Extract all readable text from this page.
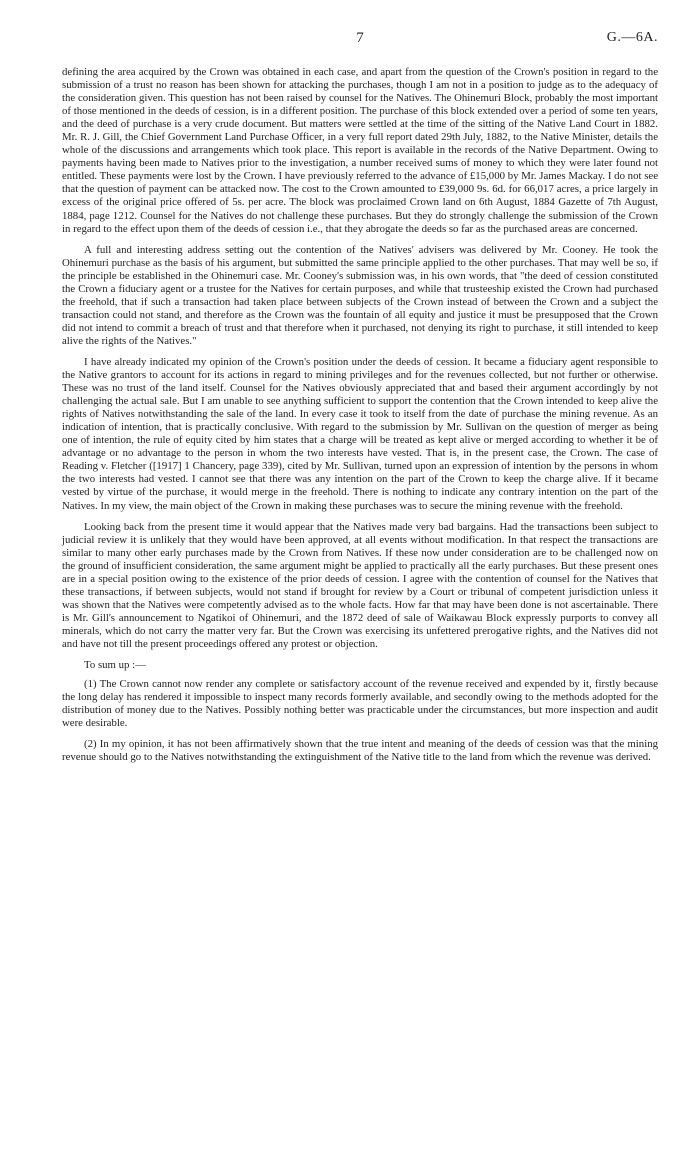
7	G.—6A.

defining the area acquired by the Crown was obtained in each case, and apart from the question of the Crown's position in regard to the submission of a trust no reason has been shown for attacking the purchases, though I am not in a position to judge as to the adequacy of the consideration given. This question has not been raised by counsel for the Natives. The Ohinemuri Block, probably the most important of those mentioned in the deeds of cession, is in a different position. The purchase of this block extended over a period of some ten years, and the deed of purchase is a very crude document. But matters were settled at the time of the sitting of the Native Land Court in 1882. Mr. R. J. Gill, the Chief Government Land Purchase Officer, in a very full report dated 29th July, 1882, to the Native Minister, details the whole of the discussions and arrangements which took place. This report is available in the records of the Native Department. Owing to payments having been made to Natives prior to the investigation, a number received sums of money to which they were later found not entitled. These payments were lost by the Crown. I have previously referred to the advance of £15,000 by Mr. James Mackay. I do not see that the question of payment can be attacked now. The cost to the Crown amounted to £39,000 9s. 6d. for 66,017 acres, a price largely in excess of the original price offered of 5s. per acre. The block was proclaimed Crown land on 6th August, 1884 Gazette of 7th August, 1884, page 1212. Counsel for the Natives do not challenge these purchases. But they do strongly challenge the submission of the Crown in regard to the effect upon them of the deeds of cession i.e., that they abrogate the deeds so far as the purchased areas are concerned.

A full and interesting address setting out the contention of the Natives' advisers was delivered by Mr. Cooney. He took the Ohinemuri purchase as the basis of his argument, but submitted the same principle applied to the other purchases. That may well be so, if the principle be established in the Ohinemuri case. Mr. Cooney's submission was, in his own words, that "the deed of cession constituted the Crown a fiduciary agent or a trustee for the Natives for certain purposes, and while that trusteeship existed the Crown had purchased the freehold, that if such a transaction had taken place between subjects of the Crown instead of between the Crown and a subject the transaction could not stand, and therefore as the Crown was the fountain of all equity and justice it must be presupposed that the Crown did not intend to commit a breach of trust and that therefore when it purchased, not denying its right to purchase, it still intended to keep alive the rights of the Natives."

I have already indicated my opinion of the Crown's position under the deeds of cession. It became a fiduciary agent responsible to the Native grantors to account for its actions in regard to mining privileges and for the revenues collected, but not further or otherwise. These was no trust of the land itself. Counsel for the Natives obviously appreciated that and based their argument accordingly by not challenging the actual sale. But I am unable to see anything sufficient to support the contention that the Crown intended to keep alive the rights of Natives notwithstanding the sale of the land. In every case it took to itself from the date of purchase the mining revenue. As an indication of intention, that is practically conclusive. With regard to the submission by Mr. Sullivan on the question of merger as being one of intention, the rule of equity cited by him states that a charge will be treated as kept alive or merged according to whether it be of advantage or no advantage to the person in whom the two interests have vested. That is, in the present case, the Crown. The case of Reading v. Fletcher ([1917] 1 Chancery, page 339), cited by Mr. Sullivan, turned upon an expression of intention by the persons in whom the two interests had vested. I cannot see that there was any intention on the part of the Crown to keep the charge alive. If it became vested by virtue of the purchase, it would merge in the freehold. There is nothing to indicate any contrary intention on the part of the Natives. In my view, the main object of the Crown in making these purchases was to secure the mining revenue with the freehold.

Looking back from the present time it would appear that the Natives made very bad bargains. Had the transactions been subject to judicial review it is unlikely that they would have been approved, at all events without modification. In that respect the transactions are similar to many other early purchases made by the Crown from Natives. If these now under consideration are to be challenged now on the ground of insufficient consideration, the same argument might be applied to practically all the early purchases. But these present ones are in a special position owing to the existence of the prior deeds of cession. I agree with the contention of counsel for the Natives that these transactions, if between subjects, would not stand if brought for review by a Court or tribunal of competent jurisdiction unless it was shown that the Natives were competently advised as to the whole facts. How far that may have been done is not ascertainable. There is Mr. Gill's announcement to Ngatikoi of Ohinemuri, and the 1872 deed of sale of Waikawau Block expressly purports to convey all minerals, which do not carry the matter very far. But the Crown was exercising its unfettered prerogative rights, and the Natives did not and have not till the present proceedings offered any protest or objection.

To sum up :—

(1) The Crown cannot now render any complete or satisfactory account of the revenue received and expended by it, firstly because the long delay has rendered it impossible to inspect many records formerly available, and secondly owing to the methods adopted for the distribution of money due to the Natives. Possibly nothing better was practicable under the circumstances, but more inspection and audit were desirable.

(2) In my opinion, it has not been affirmatively shown that the true intent and meaning of the deeds of cession was that the mining revenue should go to the Natives notwithstanding the extinguishment of the Native title to the land from which the revenue was derived.
